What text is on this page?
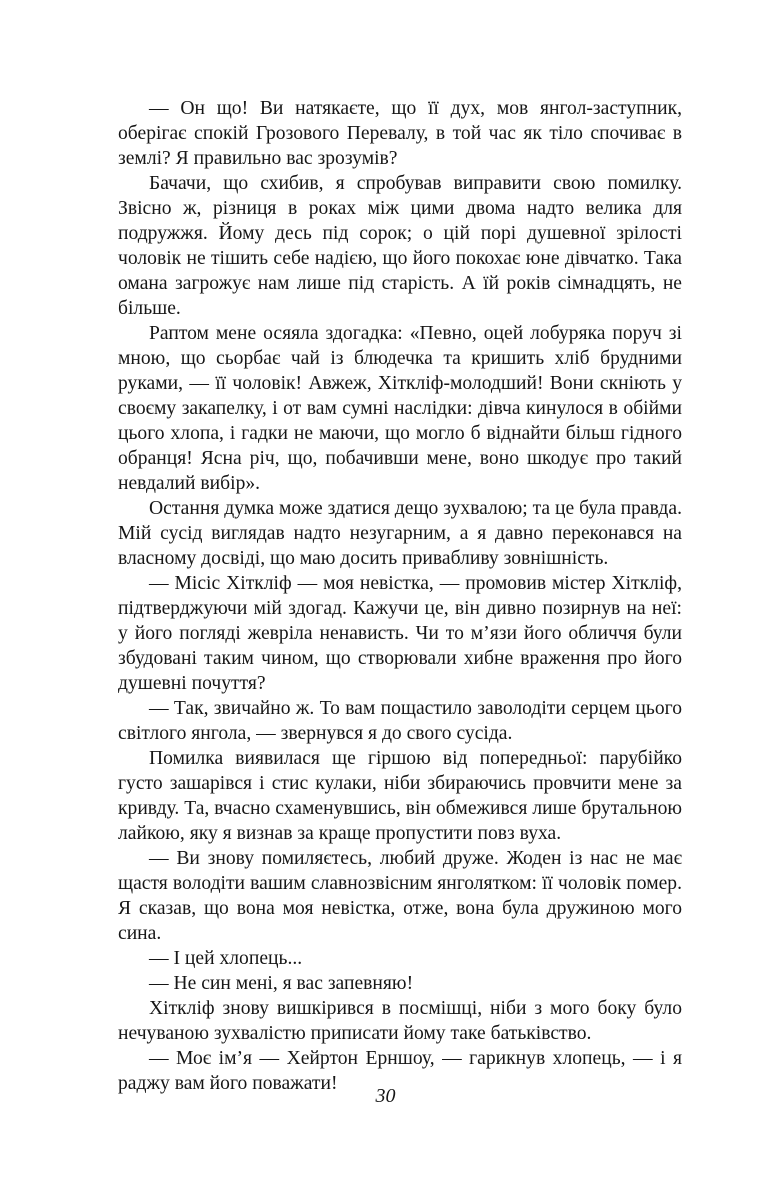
— Он що! Ви натякаєте, що її дух, мов янгол-заступник, оберігає спокій Грозового Перевалу, в той час як тіло спочиває в землі? Я правильно вас зрозумів?

Бачачи, що схибив, я спробував виправити свою помилку. Звісно ж, різниця в роках між цими двома надто велика для подружжя. Йому десь під сорок; о цій порі душевної зрілості чоловік не тішить себе надією, що його покохає юне дівчатко. Така омана загрожує нам лише під старість. А їй років сімнадцять, не більше.

Раптом мене осяяла здогадка: «Певно, оцей лобуряка поруч зі мною, що сьорбає чай із блюдечка та кришить хліб брудними руками, — її чоловік! Авжеж, Хіткліф-молодший! Вони скніють у своєму закапелку, і от вам сумні наслідки: дівча кинулося в обійми цього хлопа, і гадки не маючи, що могло б віднайти більш гідного обранця! Ясна річ, що, побачивши мене, воно шкодує про такий невдалий вибір».

Остання думка може здатися дещо зухвалою; та це була правда. Мій сусід виглядав надто незугарним, а я давно переконався на власному досвіді, що маю досить привабливу зовнішність.

— Місіс Хіткліф — моя невістка, — промовив містер Хіткліф, підтверджуючи мій здогад. Кажучи це, він дивно позирнув на неї: у його погляді жевріла ненависть. Чи то м’язи його обличчя були збудовані таким чином, що створювали хибне враження про його душевні почуття?

— Так, звичайно ж. То вам пощастило заволодіти серцем цього світлого янгола, — звернувся я до свого сусіда.

Помилка виявилася ще гіршою від попередньої: парубійко густо зашарівся і стис кулаки, ніби збираючись провчити мене за кривду. Та, вчасно схаменувшись, він обмежився лише брутальною лайкою, яку я визнав за краще пропустити повз вуха.

— Ви знову помиляєтесь, любий друже. Жоден із нас не має щастя володіти вашим славнозвісним янголятком: її чоловік помер. Я сказав, що вона моя невістка, отже, вона була дружиною мого сина.

— І цей хлопець...

— Не син мені, я вас запевняю!

Хіткліф знову вишкірився в посмішці, ніби з мого боку було нечуваною зухвалістю приписати йому таке батьківство.

— Моє ім’я — Хейртон Ерншоу, — гарикнув хлопець, — і я раджу вам його поважати!

30
